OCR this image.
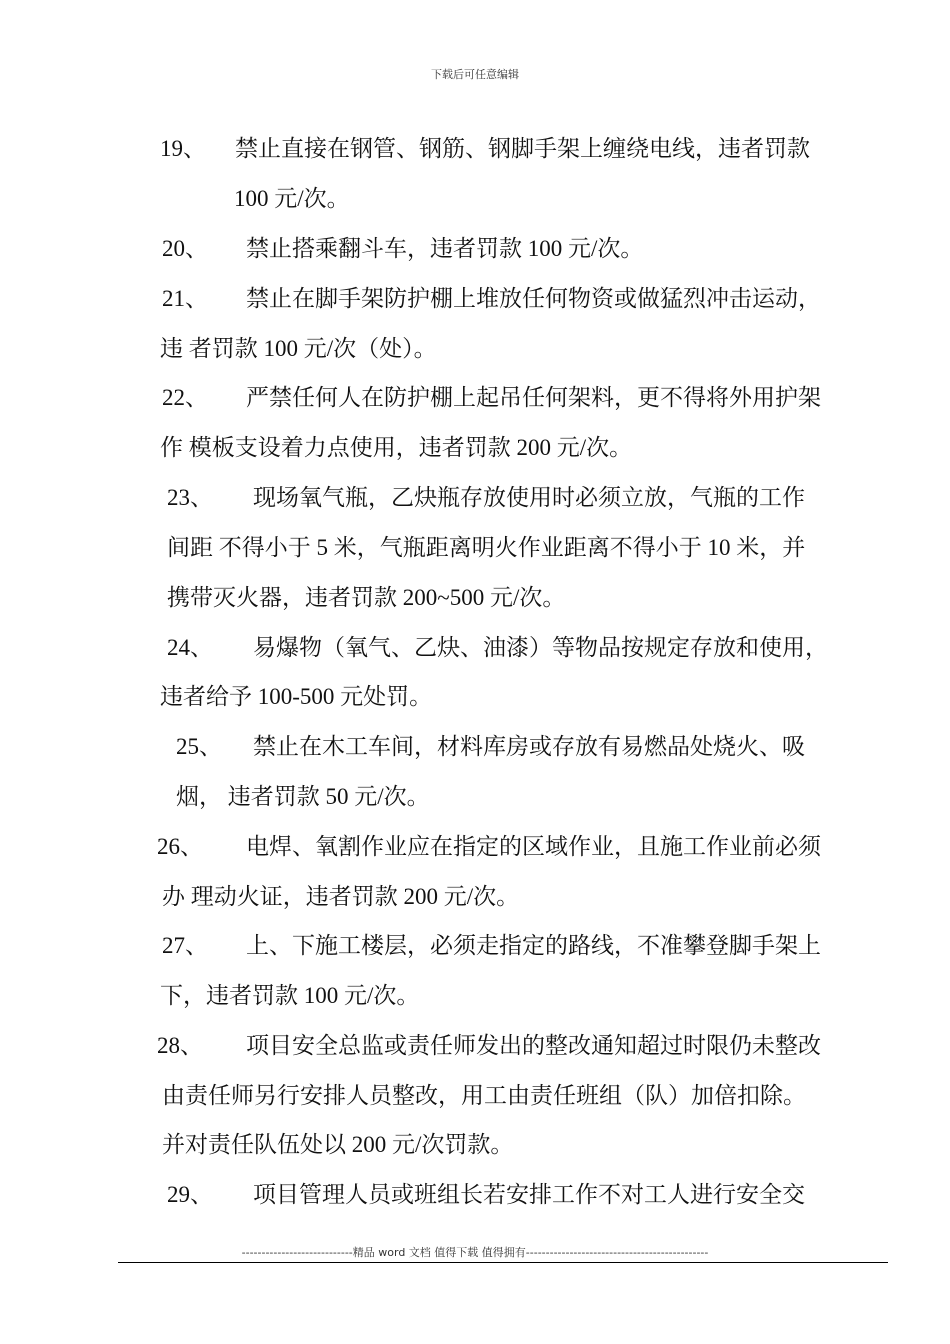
下载后可任意编辑
19、 禁止直接在钢管、钢筋、钢脚手架上缠绕电线，违者罚款
100 元/次。
20、 禁止搭乘翻斗车，违者罚款 100 元/次。
21、 禁止在脚手架防护棚上堆放任何物资或做猛烈冲击运动，
违 者罚款 100 元/次（处）。
22、 严禁任何人在防护棚上起吊任何架料，更不得将外用护架
作 模板支设着力点使用，违者罚款 200 元/次。
23、 现场氧气瓶，乙炔瓶存放使用时必须立放，气瓶的工作
间距 不得小于 5 米，气瓶距离明火作业距离不得小于 10 米，并
携带灭火器，违者罚款 200~500 元/次。
24、 易爆物（氧气、乙炔、油漆）等物品按规定存放和使用，
违者给予 100-500 元处罚。
25、 禁止在木工车间，材料库房或存放有易燃品处烧火、吸
烟， 违者罚款 50 元/次。
26、 电焊、氧割作业应在指定的区域作业，且施工作业前必须
办 理动火证，违者罚款 200 元/次。
27、 上、下施工楼层，必须走指定的路线，不准攀登脚手架上
下，违者罚款 100 元/次。
28、 项目安全总监或责任师发出的整改通知超过时限仍未整改
由责任师另行安排人员整改，用工由责任班组（队）加倍扣除。
并对责任队伍处以 200 元/次罚款。
29、 项目管理人员或班组长若安排工作不对工人进行安全交
----------------------------精品 word 文档 值得下载 值得拥有----------------------------------------------
